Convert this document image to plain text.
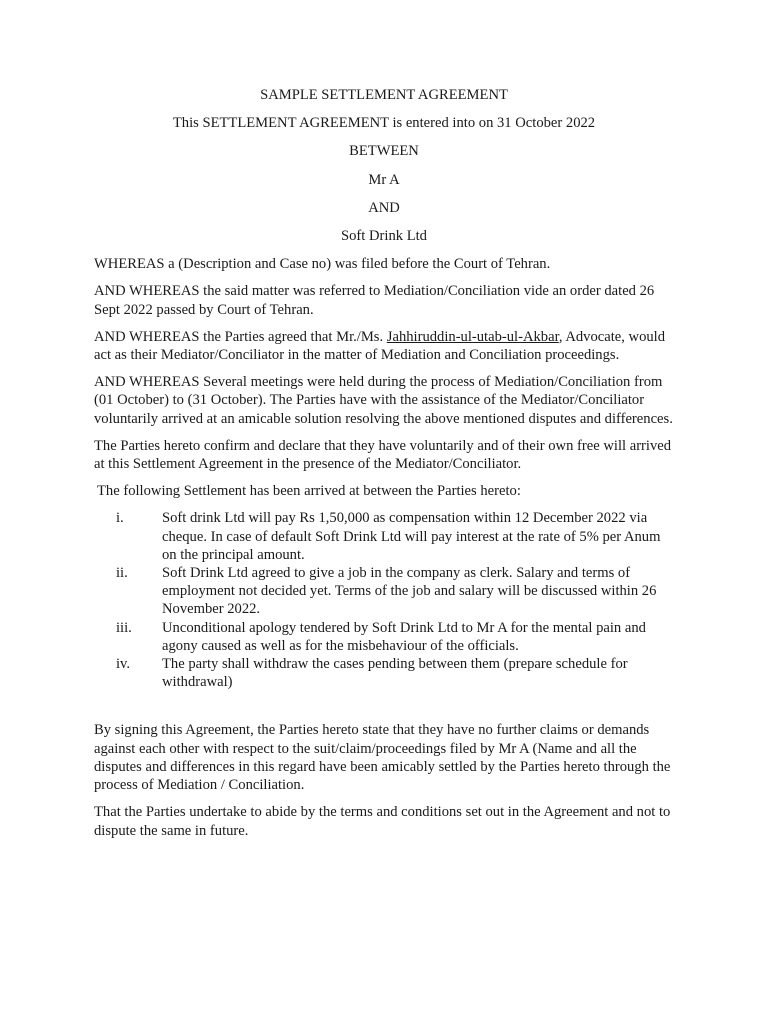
SAMPLE SETTLEMENT AGREEMENT

This SETTLEMENT AGREEMENT is entered into on 31 October 2022

BETWEEN

Mr A

AND

Soft Drink Ltd

WHEREAS a (Description and Case no) was filed before the Court of Tehran.

AND WHEREAS the said matter was referred to Mediation/Conciliation vide an order dated 26 Sept 2022 passed by Court of Tehran.

AND WHEREAS the Parties agreed that Mr./Ms. Jahhiruddin-ul-utab-ul-Akbar, Advocate, would act as their Mediator/Conciliator in the matter of Mediation and Conciliation proceedings.

AND WHEREAS Several meetings were held during the process of Mediation/Conciliation from (01 October) to (31 October). The Parties have with the assistance of the Mediator/Conciliator voluntarily arrived at an amicable solution resolving the above mentioned disputes and differences.

The Parties hereto confirm and declare that they have voluntarily and of their own free will arrived at this Settlement Agreement in the presence of the Mediator/Conciliator.

The following Settlement has been arrived at between the Parties hereto:

i.	Soft drink Ltd will pay Rs 1,50,000 as compensation within 12 December 2022 via cheque. In case of default Soft Drink Ltd will pay interest at the rate of 5% per Anum on the principal amount.
ii. Soft Drink Ltd agreed to give a job in the company as clerk. Salary and terms of employment not decided yet. Terms of the job and salary will be discussed within 26 November 2022.
iii. Unconditional apology tendered by Soft Drink Ltd to Mr A for the mental pain and agony caused as well as for the misbehaviour of the officials.
iv. The party shall withdraw the cases pending between them (prepare schedule for withdrawal)

By signing this Agreement, the Parties hereto state that they have no further claims or demands against each other with respect to the suit/claim/proceedings filed by Mr A (Name and all the disputes and differences in this regard have been amicably settled by the Parties hereto through the process of Mediation / Conciliation.

That the Parties undertake to abide by the terms and conditions set out in the Agreement and not to dispute the same in future.
